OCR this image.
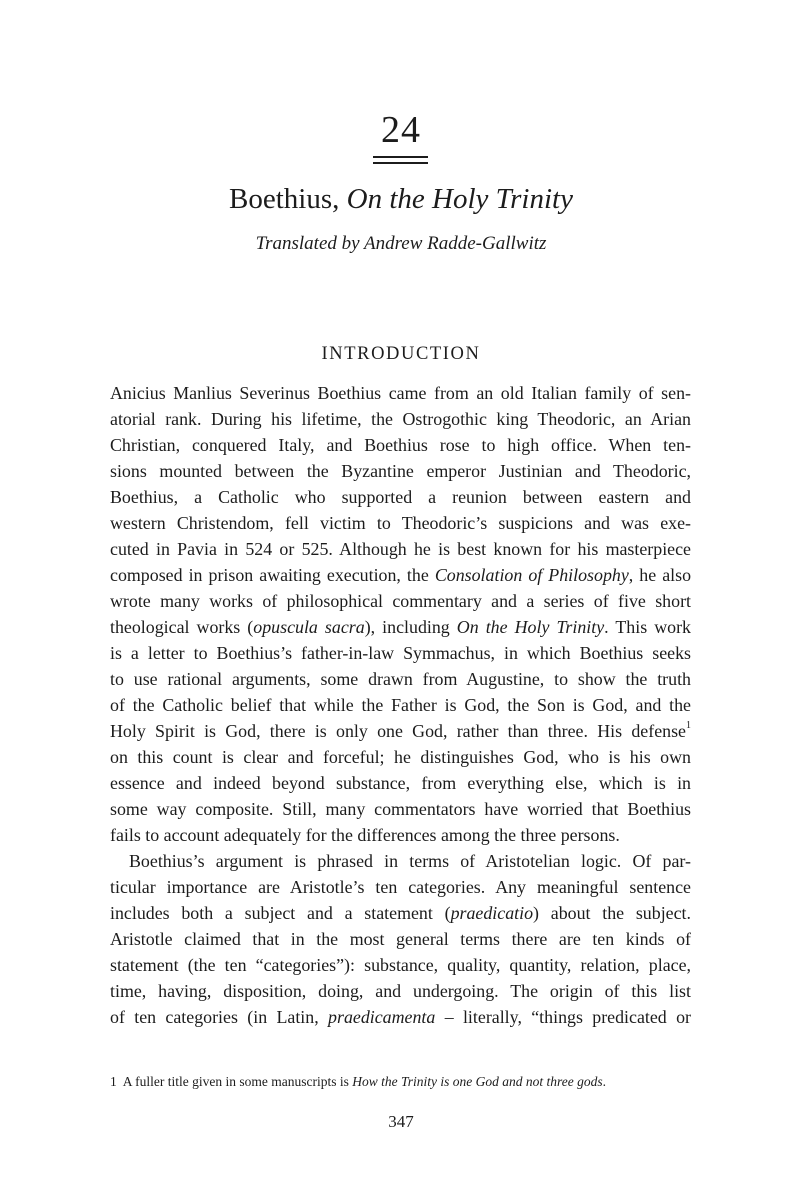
24
Boethius, On the Holy Trinity
Translated by Andrew Radde-Gallwitz
INTRODUCTION
Anicius Manlius Severinus Boethius came from an old Italian family of sen-
atorial rank. During his lifetime, the Ostrogothic king Theodoric, an Arian
Christian, conquered Italy, and Boethius rose to high office. When ten-
sions mounted between the Byzantine emperor Justinian and Theodoric,
Boethius, a Catholic who supported a reunion between eastern and
western Christendom, fell victim to Theodoric’s suspicions and was exe-
cuted in Pavia in 524 or 525. Although he is best known for his masterpiece
composed in prison awaiting execution, the Consolation of Philosophy, he also
wrote many works of philosophical commentary and a series of five short
theological works (opuscula sacra), including On the Holy Trinity. This work
is a letter to Boethius’s father-in-law Symmachus, in which Boethius seeks
to use rational arguments, some drawn from Augustine, to show the truth
of the Catholic belief that while the Father is God, the Son is God, and the
Holy Spirit is God, there is only one God, rather than three. His defense$^1$
on this count is clear and forceful; he distinguishes God, who is his own
essence and indeed beyond substance, from everything else, which is in
some way composite. Still, many commentators have worried that Boethius
fails to account adequately for the differences among the three persons.
Boethius’s argument is phrased in terms of Aristotelian logic. Of par-
ticular importance are Aristotle’s ten categories. Any meaningful sentence
includes both a subject and a statement (praedicatio) about the subject.
Aristotle claimed that in the most general terms there are ten kinds of
statement (the ten “categories”): substance, quality, quantity, relation, place,
time, having, disposition, doing, and undergoing. The origin of this list
of ten categories (in Latin, praedicamenta – literally, “things predicated or
1 A fuller title given in some manuscripts is How the Trinity is one God and not three gods.
347
